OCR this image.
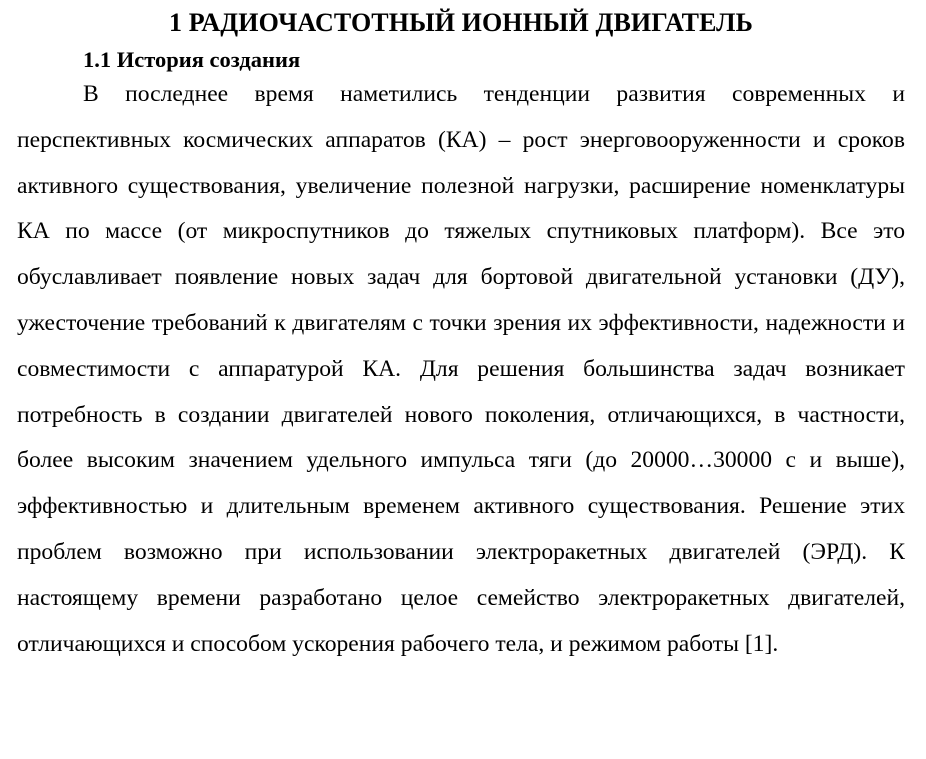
1 РАДИОЧАСТОТНЫЙ ИОННЫЙ ДВИГАТЕЛЬ
1.1 История создания

В последнее время наметились тенденции развития современных и перспективных космических аппаратов (КА) – рост энерговооруженности и сроков активного существования, увеличение полезной нагрузки, расширение номенклатуры КА по массе (от микроспутников до тяжелых спутниковых платформ). Все это обуславливает появление новых задач для бортовой двигательной установки (ДУ), ужесточение требований к двигателям с точки зрения их эффективности, надежности и совместимости с аппаратурой КА. Для решения большинства задач возникает потребность в создании двигателей нового поколения, отличающихся, в частности, более высоким значением удельного импульса тяги (до 20000…30000 с и выше), эффективностью и длительным временем активного существования. Решение этих проблем возможно при использовании электроракетных двигателей (ЭРД). К настоящему времени разработано целое семейство электроракетных двигателей, отличающихся и способом ускорения рабочего тела, и режимом работы [1].
